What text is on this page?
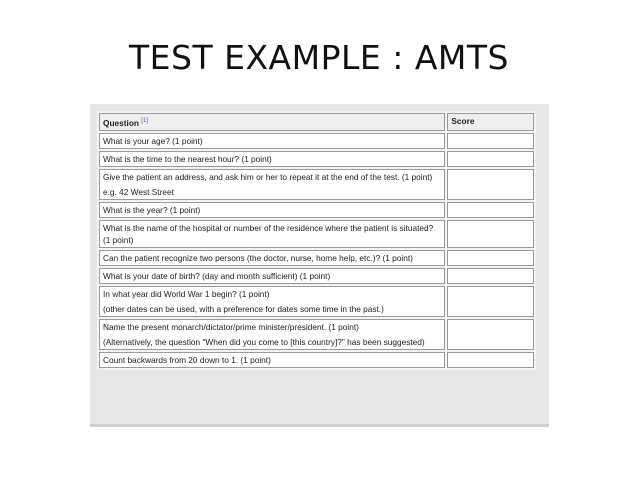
TEST EXAMPLE : AMTS
Question [1]	Score
What is your age? (1 point)	
What is the time to the nearest hour? (1 point)	
Give the patient an address, and ask him or her to repeat it at the end of the test. (1 point)
e.g. 42 West Street	

What is the year? (1 point)	
What is the name of the hospital or number of the residence where the patient is situated? (1 point)	
Can the patient recognize two persons (the doctor, nurse, home help, etc.)? (1 point)	
What is your date of birth? (day and month sufficient) (1 point)	
In what year did World War 1 begin? (1 point)
(other dates can be used, with a preference for dates some time in the past.)	

Name the present monarch/dictator/prime minister/president. (1 point)
(Alternatively, the question "When did you come to [this country]?" has been suggested)	

Count backwards from 20 down to 1. (1 point)	
